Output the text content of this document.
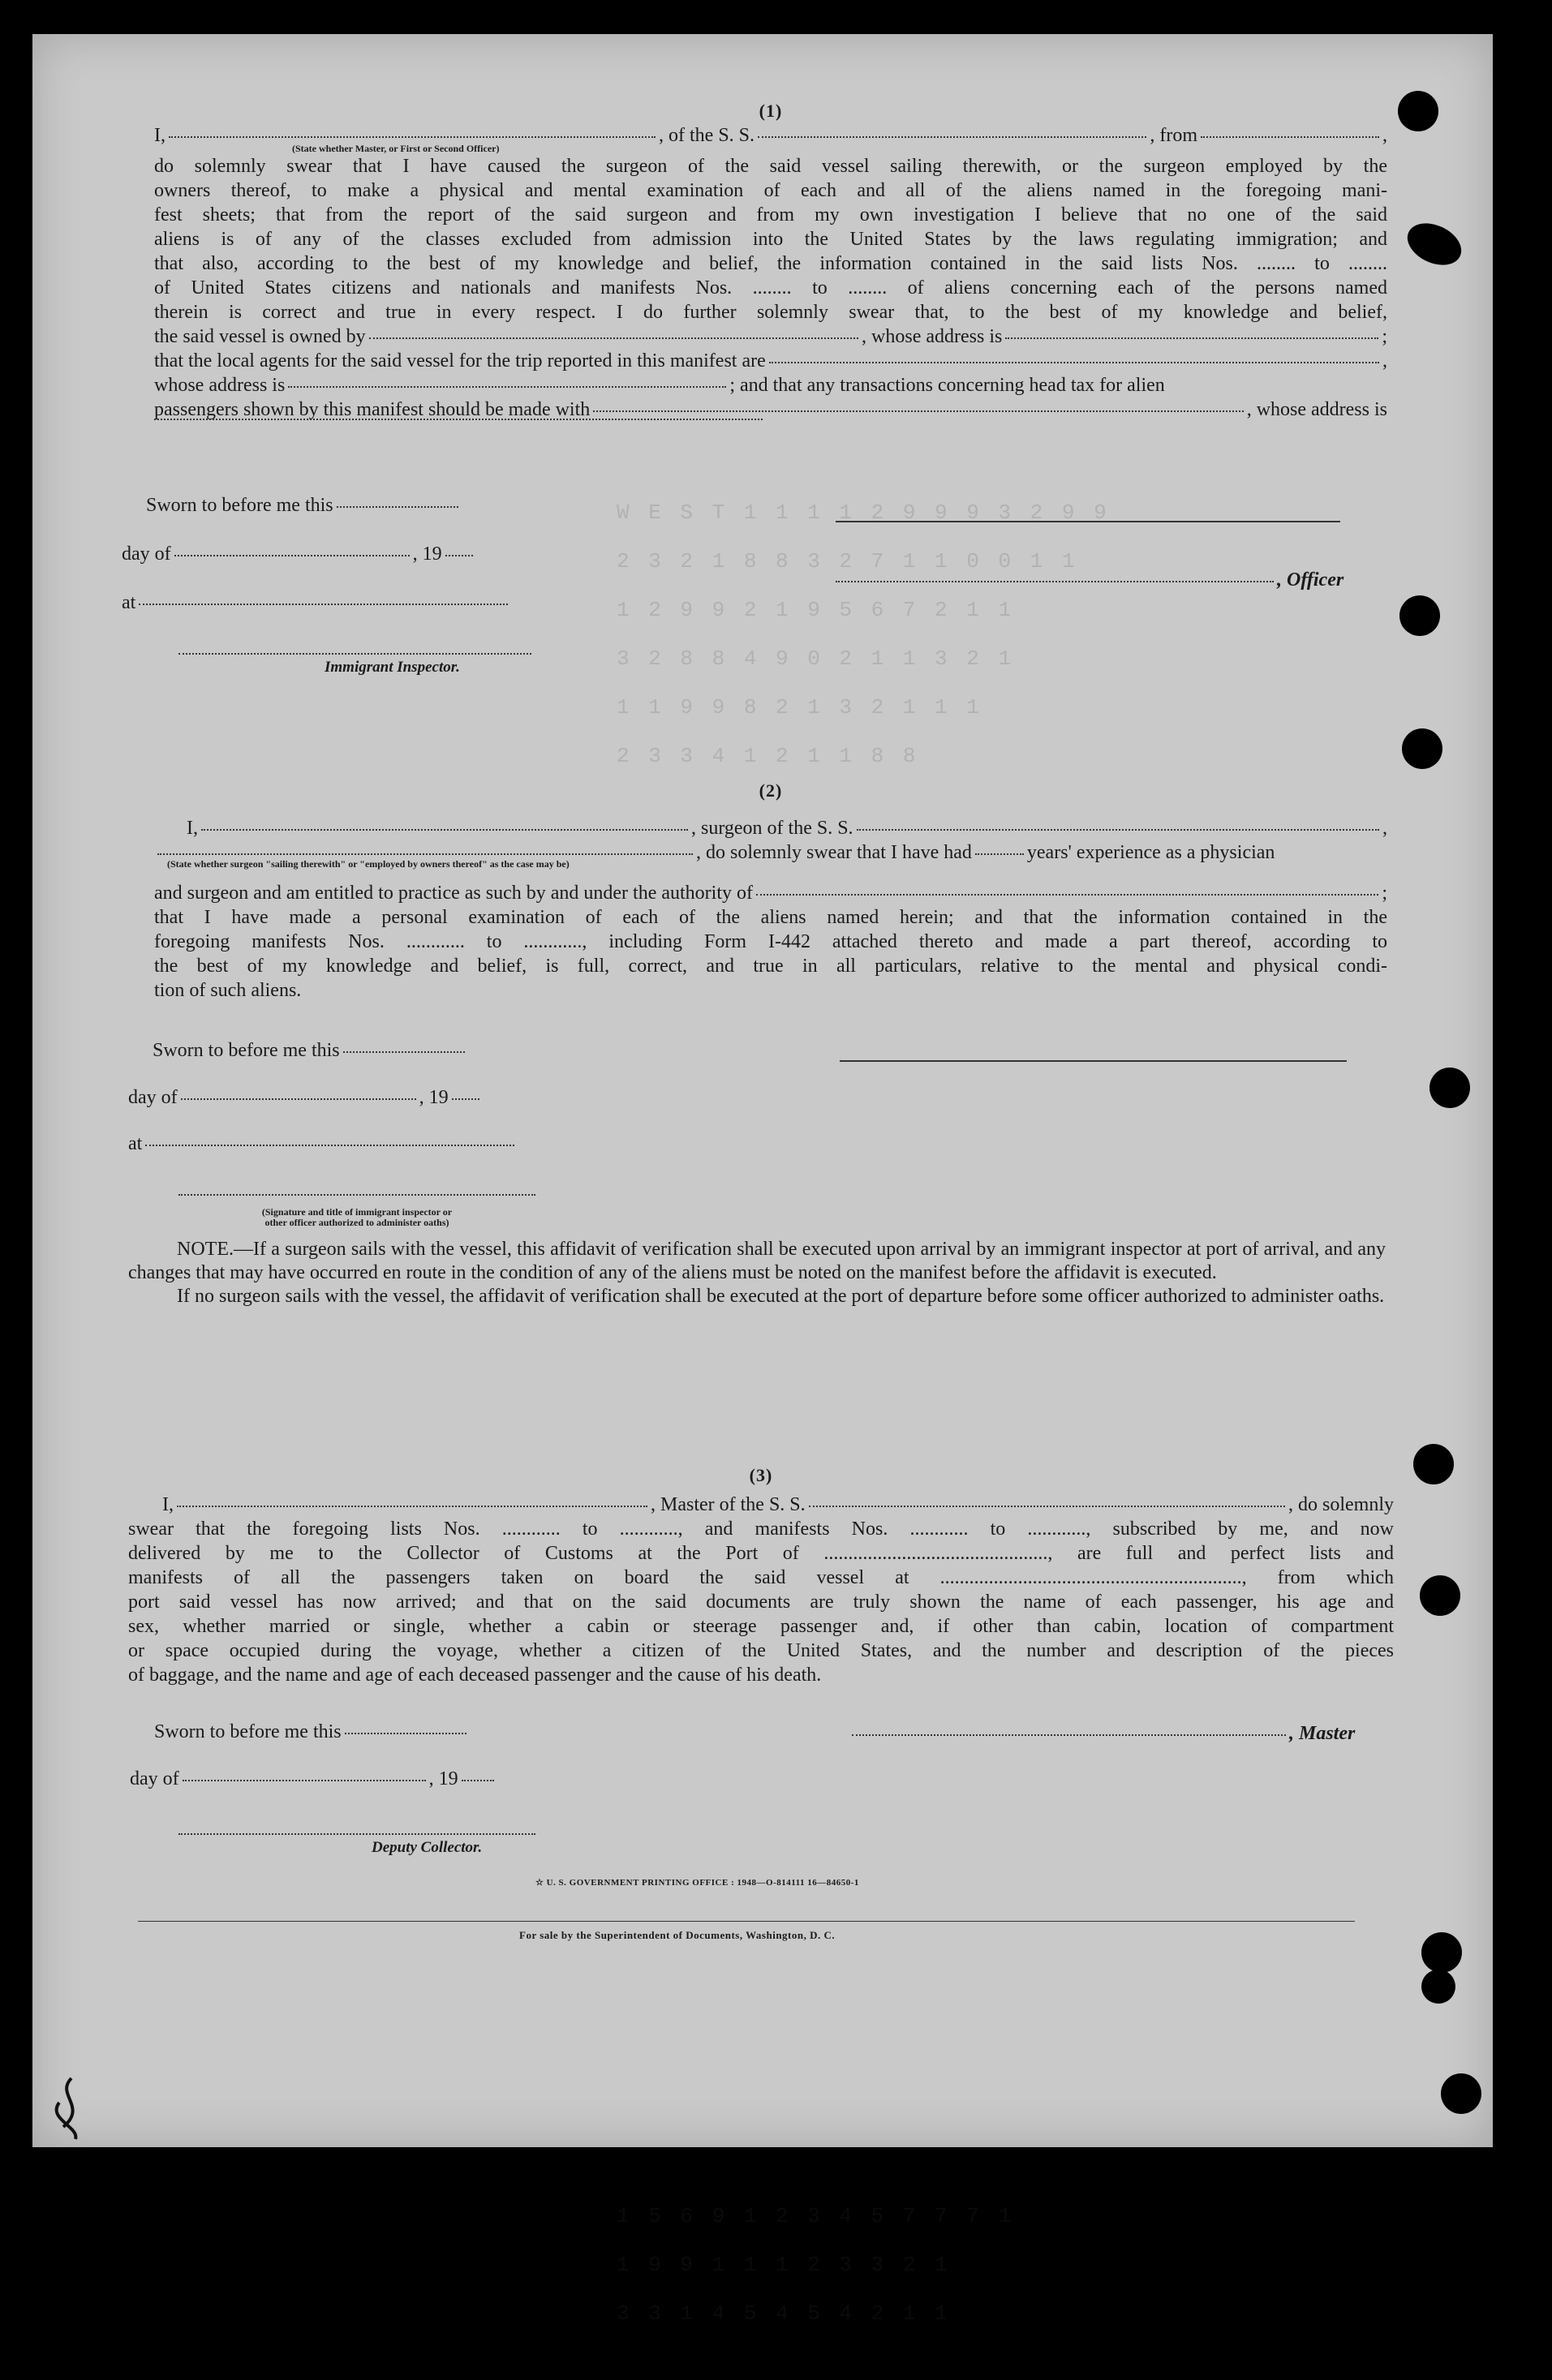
W E S T 1 1 1 1 2 9 9 9 3 2 9 9
2 3 2 1 8 8 3 2 7 1 1 0 0 1 1
1 2 9 9 2 1 9 5 6 7 2 1 1
3 2 8 8 4 9 0 2 1 1 3 2 1
1 1 9 9 8 2 1 3 2 1 1 1
2 3 3 4 1 2 1 1 8 8

1 5 6 9 1 2 3 4 5 7 7 7 1
1 9 9 1 1 1 2 3 3 2 1
3 3 1 4 5 4 5 4 2 1 1
(1)
I,	, of the S. S.	, from	,
(State whether Master, or First or Second Officer)
do solemnly swear that I have caused the surgeon of the said vessel sailing therewith, or the surgeon employed by the
owners thereof, to make a physical and mental examination of each and all of the aliens named in the foregoing mani-
fest sheets; that from the report of the said surgeon and from my own investigation I believe that no one of the said
aliens is of any of the classes excluded from admission into the United States by the laws regulating immigration; and
that also, according to the best of my knowledge and belief, the information contained in the said lists Nos. ........ to ........
of United States citizens and nationals and manifests Nos. ........ to ........ of aliens concerning each of the persons named
therein is correct and true in every respect. I do further solemnly swear that, to the best of my knowledge and belief,
the said vessel is owned by	, whose address is	;
that the local agents for the said vessel for the trip reported in this manifest are	,
whose address is	; and that any transactions concerning head tax for alien
passengers shown by this manifest should be made with	, whose address is
Sworn to before me this
day of	, 19
at
Immigrant Inspector.
, Officer
(2)
I,	, surgeon of the S. S.	,
, do solemnly swear that I have had	years' experience as a physician
(State whether surgeon "sailing therewith" or "employed by owners thereof" as the case may be)
and surgeon and am entitled to practice as such by and under the authority of	;
that I have made a personal examination of each of the aliens named herein; and that the information contained in the
foregoing manifests Nos. ............ to ............, including Form I-442 attached thereto and made a part thereof, according to
the best of my knowledge and belief, is full, correct, and true in all particulars, relative to the mental and physical condi-
tion of such aliens.
Sworn to before me this
day of	, 19
at
(Signature and title of immigrant inspector or
other officer authorized to administer oaths)
NOTE.—If a surgeon sails with the vessel, this affidavit of verification shall be executed upon arrival by an immigrant inspector at port of arrival, and any changes that may have occurred en route in the condition of any of the aliens must be noted on the manifest before the affidavit is executed.
If no surgeon sails with the vessel, the affidavit of verification shall be executed at the port of departure before some officer authorized to administer oaths.
(3)
I,	, Master of the S. S.	, do solemnly
swear that the foregoing lists Nos. ............ to ............, and manifests Nos. ............ to ............, subscribed by me, and now
delivered by me to the Collector of Customs at the Port of .............................................., are full and perfect lists and
manifests of all the passengers taken on board the said vessel at .............................................................., from which
port said vessel has now arrived; and that on the said documents are truly shown the name of each passenger, his age and
sex, whether married or single, whether a cabin or steerage passenger and, if other than cabin, location of compartment
or space occupied during the voyage, whether a citizen of the United States, and the number and description of the pieces
of baggage, and the name and age of each deceased passenger and the cause of his death.
Sworn to before me this
day of	, 19
, Master
Deputy Collector.
☆ U. S. GOVERNMENT PRINTING OFFICE : 1948—O-814111 16—84650-1
For sale by the Superintendent of Documents, Washington, D. C.
